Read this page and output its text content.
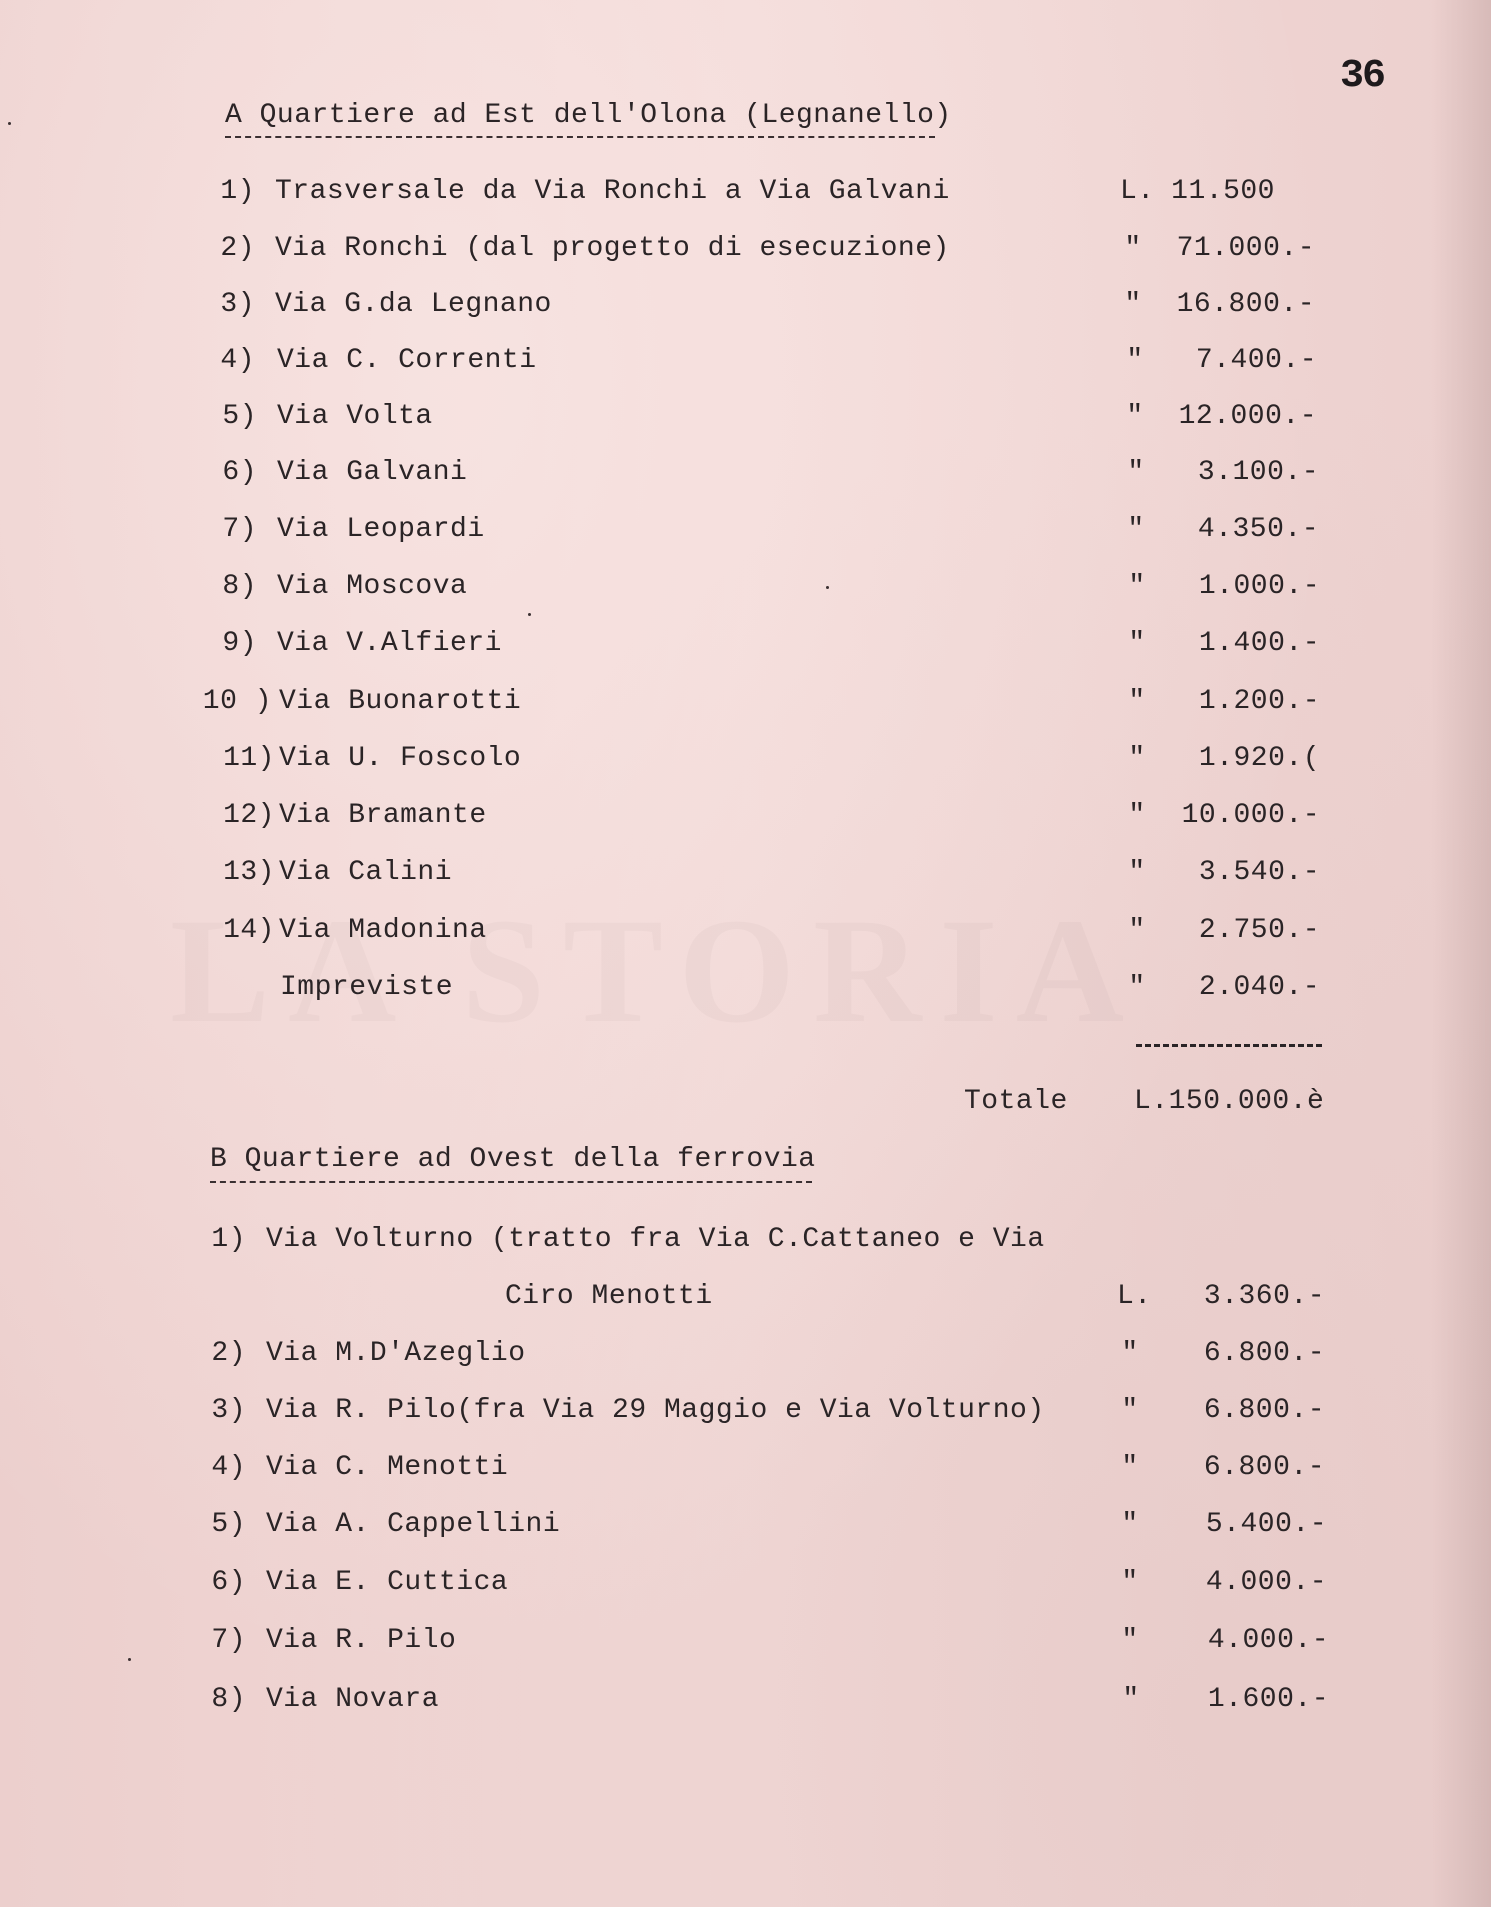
36
A Quartiere ad Est dell'Olona (Legnanello)
1) Trasversale da Via Ronchi a Via Galvani	L. 11.500
2) Via Ronchi (dal progetto di esecuzione)	"	71.000.-
3) Via G.da Legnano	"	16.800.-
4) Via C. Correnti	"	7.400.-
5) Via Volta	"	12.000.-
6) Via Galvani	"	3.100.-
7) Via Leopardi	"	4.350.-
8) Via Moscova	"	1.000.-
9) Via V.Alfieri	"	1.400.-
10 ) Via Buonarotti	"	1.200.-
11) Via U. Foscolo	"	1.920.(
12) Via Bramante	"	10.000.-
13) Via Calini	"	3.540.-
14) Via Madonina	"	2.750.-
Impreviste	"	2.040.-
Totale L.150.000.è
B Quartiere ad Ovest della ferrovia
1) Via Volturno (tratto fra Via C.Cattaneo e Via
Ciro Menotti	L.	3.360.-
2) Via M.D'Azeglio	"	6.800.-
3) Via R. Pilo(fra Via 29 Maggio e Via Volturno)	"	6.800.-
4) Via C. Menotti	"	6.800.-
5) Via A. Cappellini	"	5.400.-
6) Via E. Cuttica	"	4.000.-
7) Via R. Pilo	"	4.000.-
8) Via Novara	"	1.600.-
